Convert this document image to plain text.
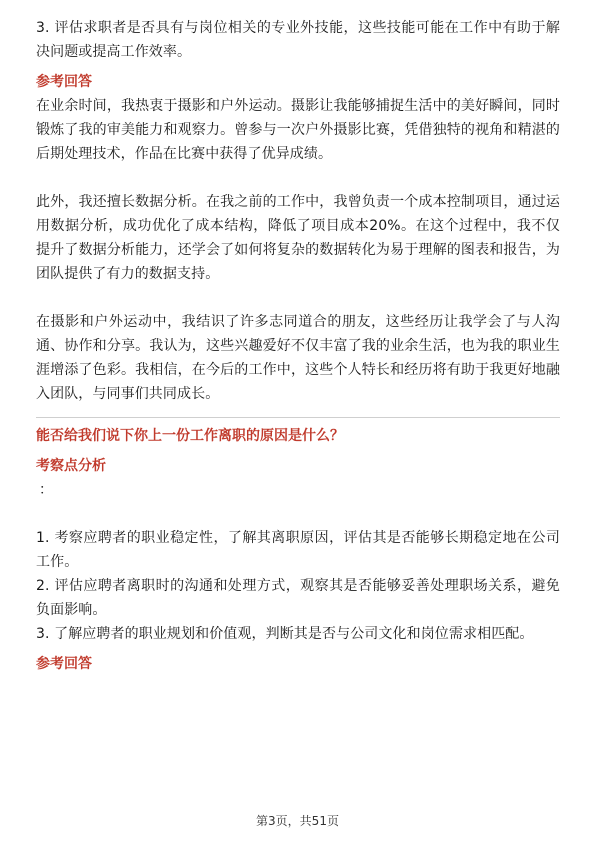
3. 评估求职者是否具有与岗位相关的专业外技能，这些技能可能在工作中有助于解决问题或提高工作效率。

参考回答

在业余时间，我热衷于摄影和户外运动。摄影让我能够捕捉生活中的美好瞬间，同时锻炼了我的审美能力和观察力。曾参与一次户外摄影比赛，凭借独特的视角和精湛的后期处理技术，作品在比赛中获得了优异成绩。

此外，我还擅长数据分析。在我之前的工作中，我曾负责一个成本控制项目，通过运用数据分析，成功优化了成本结构，降低了项目成本20%。在这个过程中，我不仅提升了数据分析能力，还学会了如何将复杂的数据转化为易于理解的图表和报告，为团队提供了有力的数据支持。

在摄影和户外运动中，我结识了许多志同道合的朋友，这些经历让我学会了与人沟通、协作和分享。我认为，这些兴趣爱好不仅丰富了我的业余生活，也为我的职业生涯增添了色彩。我相信，在今后的工作中，这些个人特长和经历将有助于我更好地融入团队，与同事们共同成长。

能否给我们说下你上一份工作离职的原因是什么？

考察点分析

：

1. 考察应聘者的职业稳定性，了解其离职原因，评估其是否能够长期稳定地在公司工作。

2. 评估应聘者离职时的沟通和处理方式，观察其是否能够妥善处理职场关系，避免负面影响。

3. 了解应聘者的职业规划和价值观，判断其是否与公司文化和岗位需求相匹配。

参考回答

第3页，共51页
